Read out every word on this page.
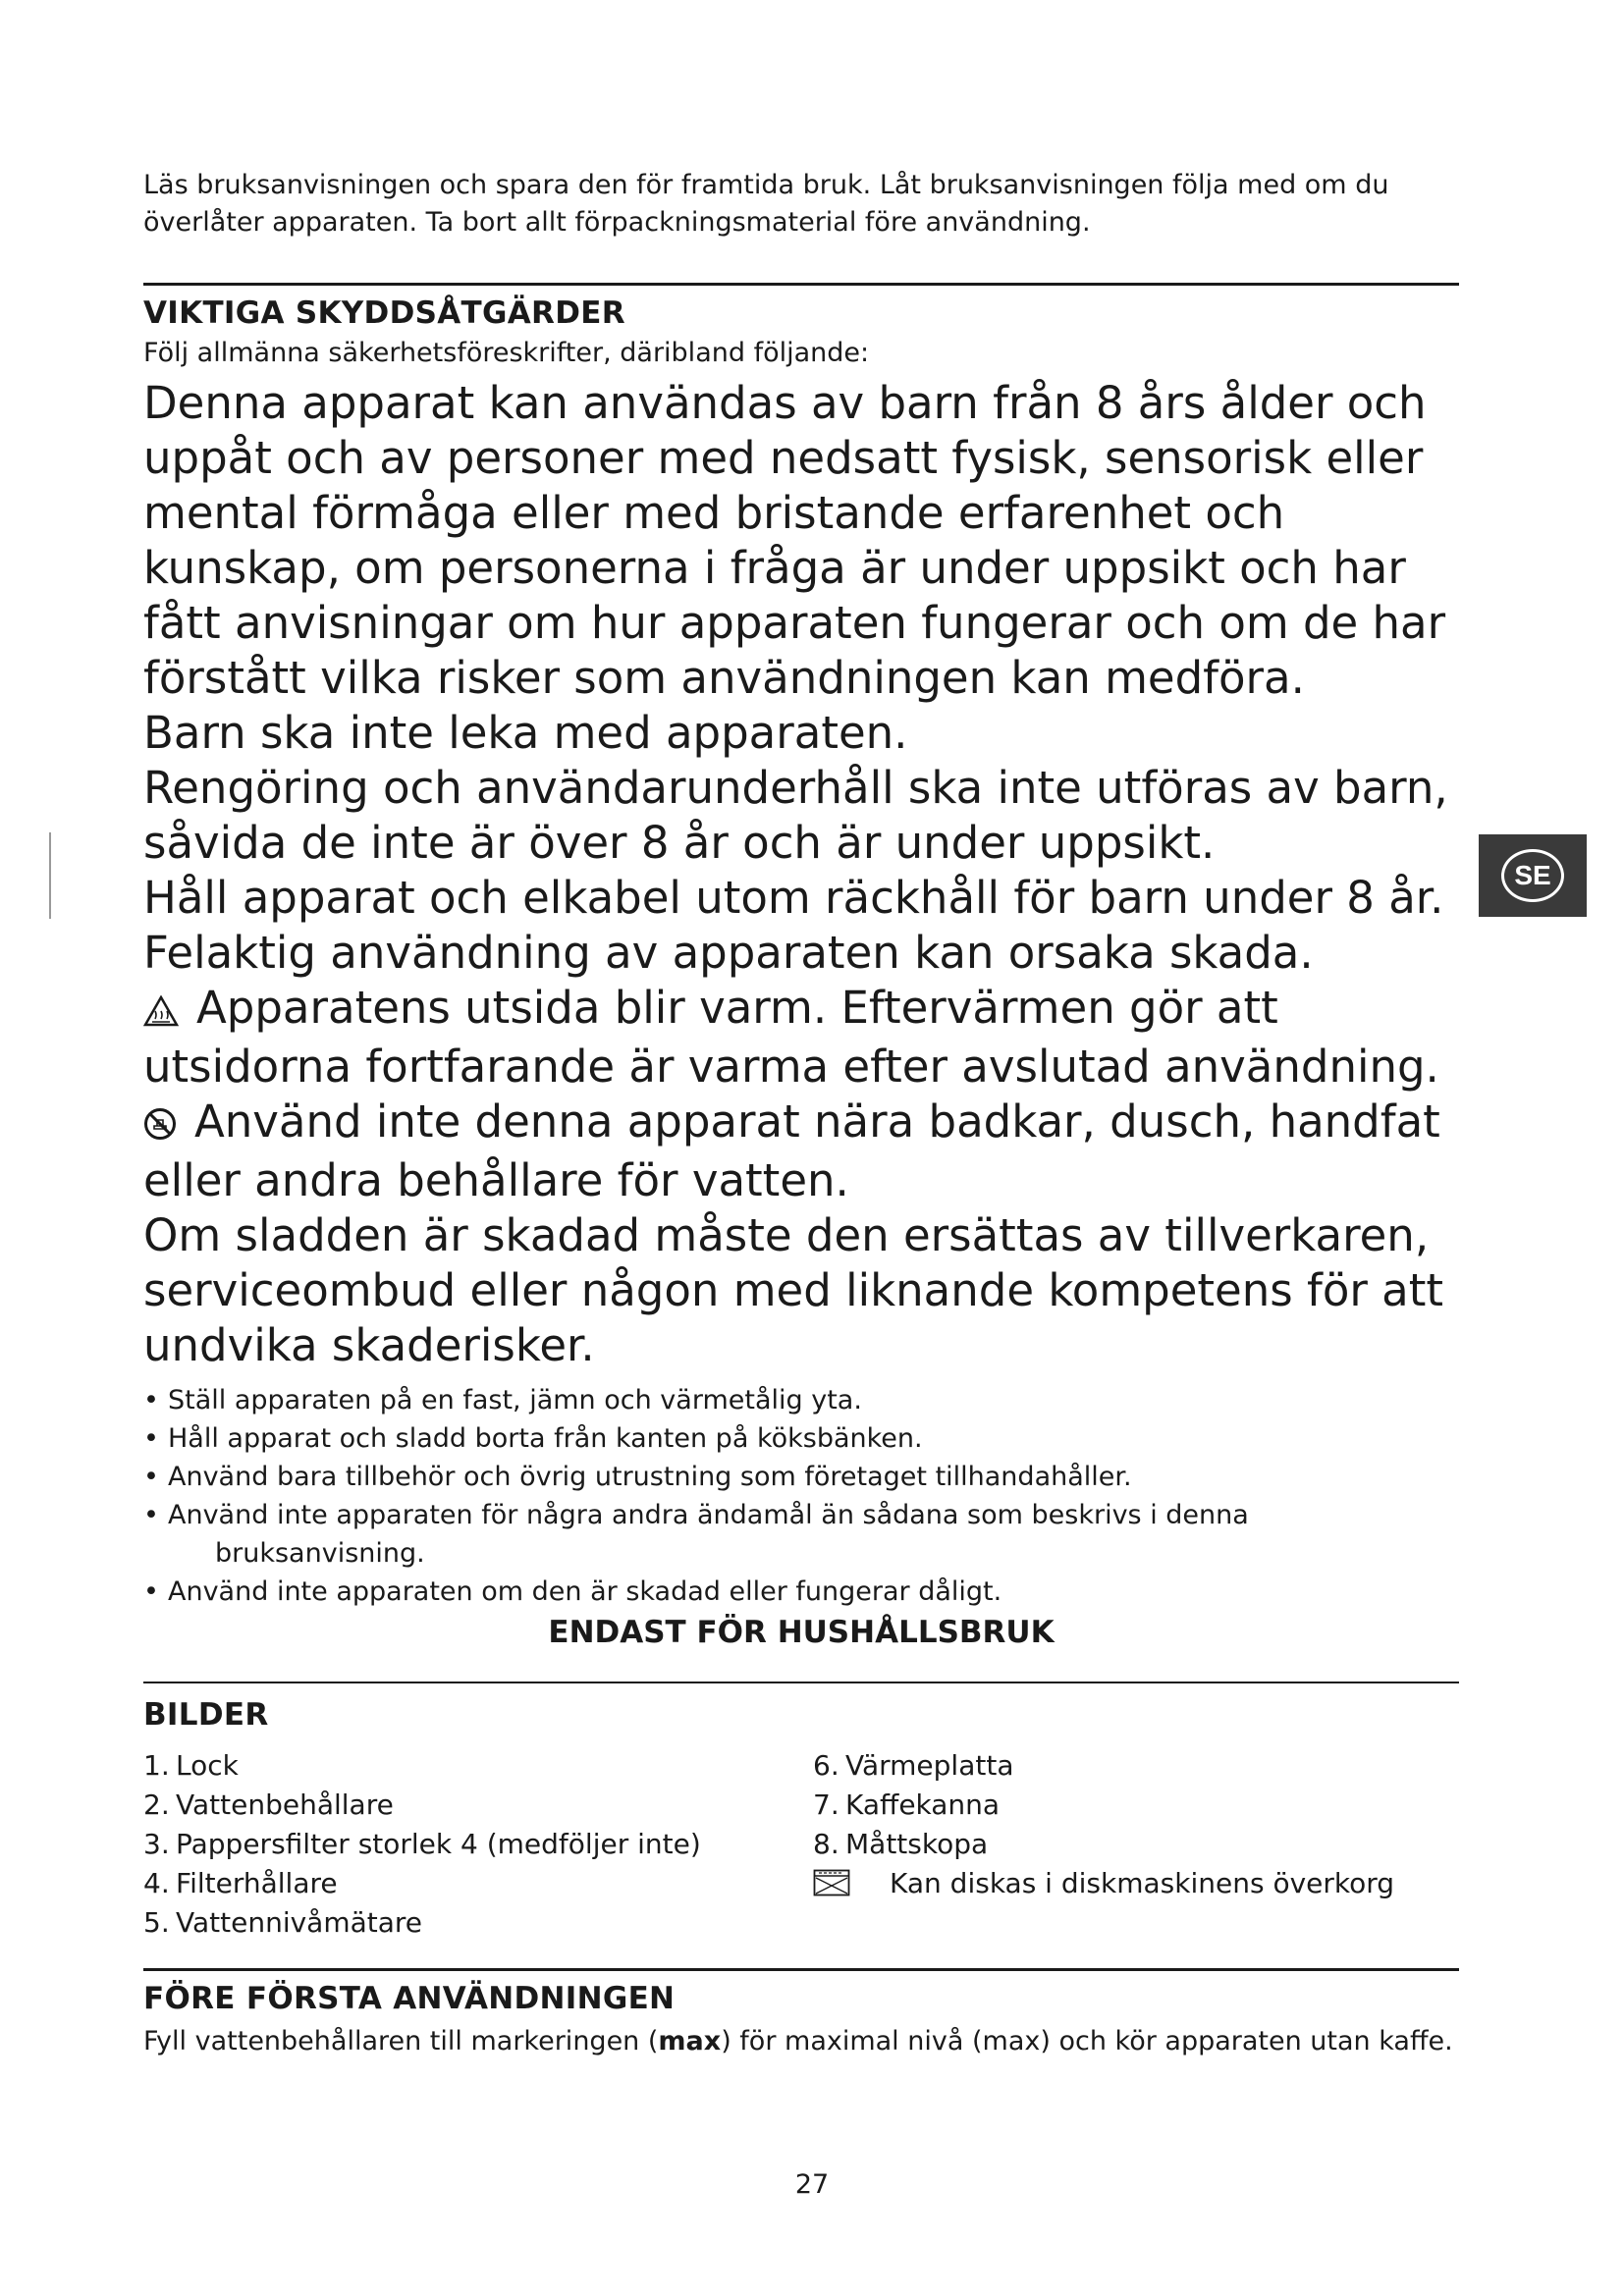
SE

Läs bruksanvisningen och spara den för framtida bruk. Låt bruksanvisningen följa med om du överlåter apparaten. Ta bort allt förpackningsmaterial före användning.

VIKTIGA SKYDDSÅTGÄRDER

Följ allmänna säkerhetsföreskrifter, däribland följande:

Denna apparat kan användas av barn från 8 års ålder och uppåt och av personer med nedsatt fysisk, sensorisk eller mental förmåga eller med bristande erfarenhet och kunskap, om personerna i fråga är under uppsikt och har fått anvisningar om hur apparaten fungerar och om de har förstått vilka risker som användningen kan medföra.

Barn ska inte leka med apparaten.

Rengöring och användarunderhåll ska inte utföras av barn, såvida de inte är över 8 år och är under uppsikt.

Håll apparat och elkabel utom räckhåll för barn under 8 år.

Felaktig användning av apparaten kan orsaka skada.

Apparatens utsida blir varm. Eftervärmen gör att utsidorna fortfarande är varma efter avslutad användning.

Använd inte denna apparat nära badkar, dusch, handfat eller andra behållare för vatten.

Om sladden är skadad måste den ersättas av tillverkaren, serviceombud eller någon med liknande kompetens för att undvika skaderisker.

• Ställ apparaten på en fast, jämn och värmetålig yta.
• Håll apparat och sladd borta från kanten på köksbänken.
• Använd bara tillbehör och övrig utrustning som företaget tillhandahåller.
• Använd inte apparaten för några andra ändamål än sådana som beskrivs i denna
bruksanvisning.
• Använd inte apparaten om den är skadad eller fungerar dåligt.

ENDAST FÖR HUSHÅLLSBRUK

BILDER
1. Lock
2. Vattenbehållare
3. Pappersfilter storlek 4 (medföljer inte)
4. Filterhållare
5. Vattennivåmätare
6. Värmeplatta
7. Kaffekanna
8. Måttskopa
Kan diskas i diskmaskinens överkorg
FÖRE FÖRSTA ANVÄNDNINGEN

Fyll vattenbehållaren till markeringen (max) för maximal nivå (max) och kör apparaten utan kaffe.

27
